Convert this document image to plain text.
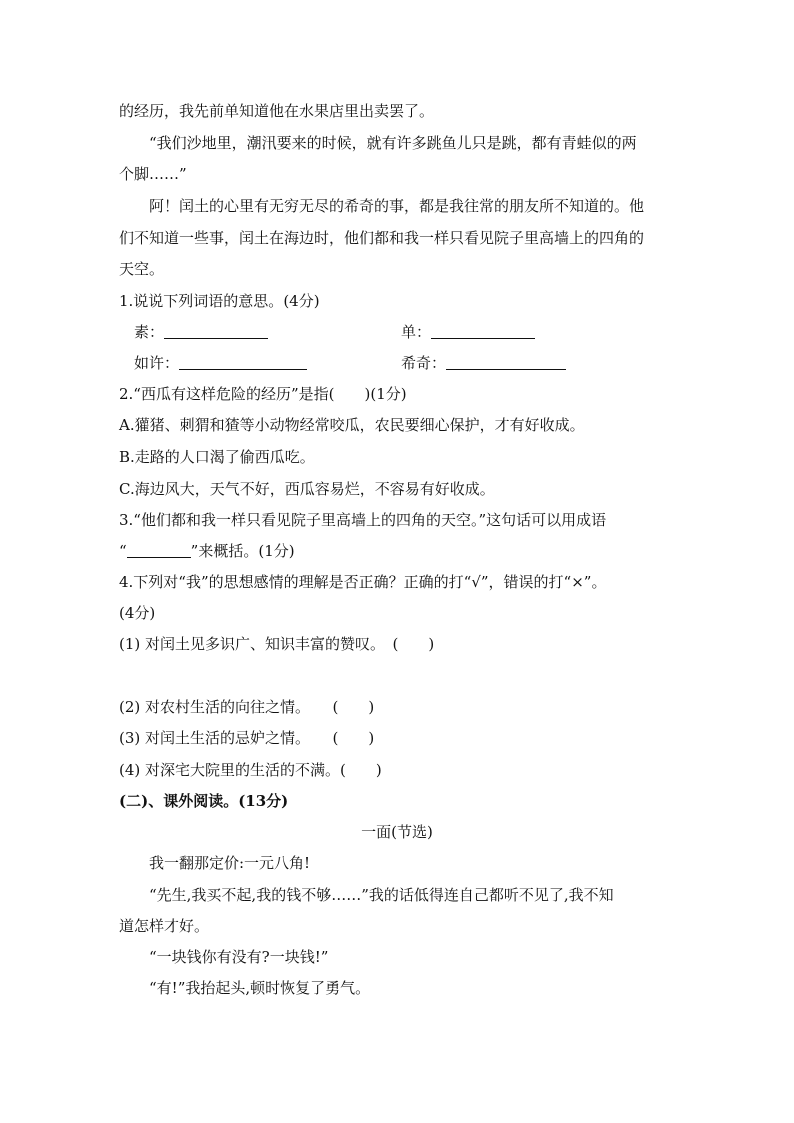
的经历，我先前单知道他在水果店里出卖罢了。
“我们沙地里，潮汛要来的时候，就有许多跳鱼儿只是跳，都有青蛙似的两
个脚……”
阿！闰土的心里有无穷无尽的希奇的事，都是我往常的朋友所不知道的。他
们不知道一些事，闰土在海边时，他们都和我一样只看见院子里高墙上的四角的
天空。
1.说说下列词语的意思。(4分)
素：	单：
如许：	希奇：
2.“西瓜有这样危险的经历”是指(　　)(1分)
A.獾猪、刺猬和猹等小动物经常咬瓜，农民要细心保护，才有好收成。
B.走路的人口渴了偷西瓜吃。
C.海边风大，天气不好，西瓜容易烂，不容易有好收成。
3.“他们都和我一样只看见院子里高墙上的四角的天空。”这句话可以用成语
“	”来概括。(1分)
4.下列对“我”的思想感情的理解是否正确？正确的打“√”，错误的打“×”。
(4分)
(1) 对闰土见多识广、知识丰富的赞叹。　(　　)
(2) 对农村生活的向往之情。　　(　　)
(3) 对闰土生活的忌妒之情。　　(　　)
(4) 对深宅大院里的生活的不满。(　　)
(二)、课外阅读。(13分)
一面(节选)
我一翻那定价:一元八角!
“先生,我买不起,我的钱不够……”我的话低得连自己都听不见了,我不知
道怎样才好。
“一块钱你有没有?一块钱!”
“有!”我抬起头,顿时恢复了勇气。
